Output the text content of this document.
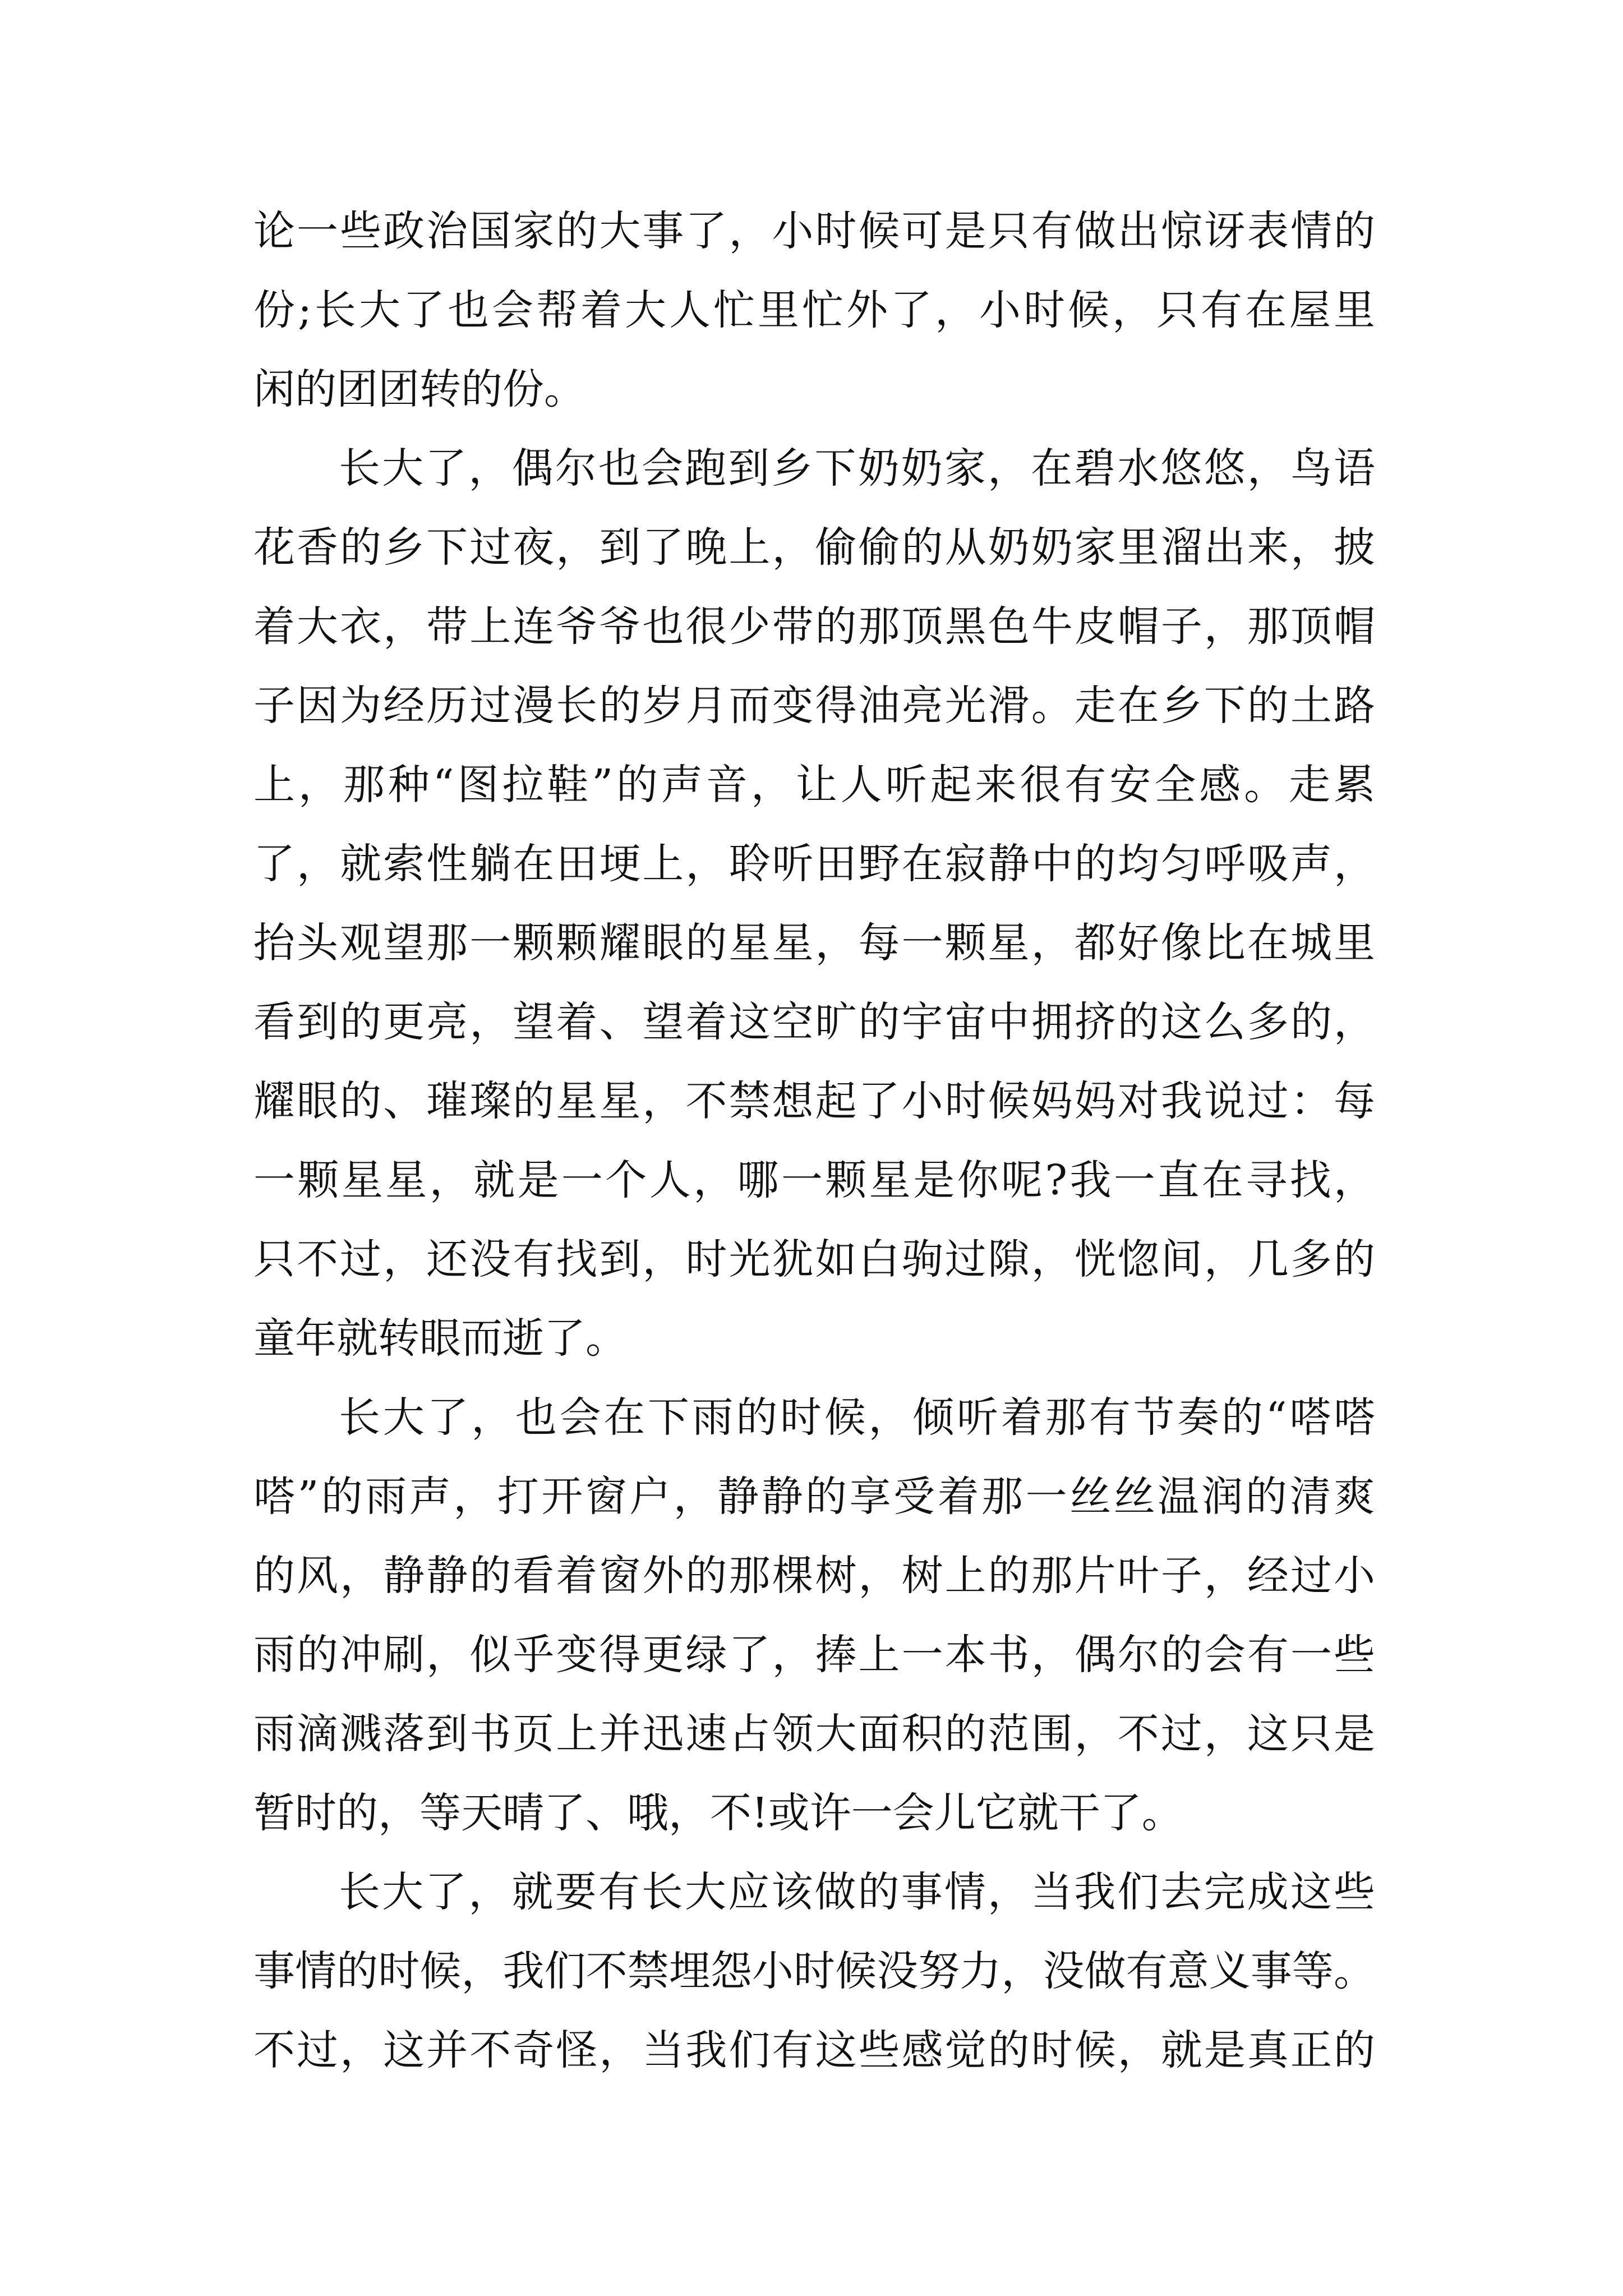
论一些政治国家的大事了，小时候可是只有做出惊讶表情的
份;长大了也会帮着大人忙里忙外了，小时候，只有在屋里
闲的团团转的份。
长大了，偶尔也会跑到乡下奶奶家，在碧水悠悠，鸟语
花香的乡下过夜，到了晚上，偷偷的从奶奶家里溜出来，披
着大衣，带上连爷爷也很少带的那顶黑色牛皮帽子，那顶帽
子因为经历过漫长的岁月而变得油亮光滑。走在乡下的土路
上，那种“图拉鞋”的声音，让人听起来很有安全感。走累
了，就索性躺在田埂上，聆听田野在寂静中的均匀呼吸声，
抬头观望那一颗颗耀眼的星星，每一颗星，都好像比在城里
看到的更亮，望着、望着这空旷的宇宙中拥挤的这么多的，
耀眼的、璀璨的星星，不禁想起了小时候妈妈对我说过：每
一颗星星，就是一个人，哪一颗星是你呢?我一直在寻找，
只不过，还没有找到，时光犹如白驹过隙，恍惚间，几多的
童年就转眼而逝了。
长大了，也会在下雨的时候，倾听着那有节奏的“嗒嗒
嗒”的雨声，打开窗户，静静的享受着那一丝丝温润的清爽
的风，静静的看着窗外的那棵树，树上的那片叶子，经过小
雨的冲刷，似乎变得更绿了，捧上一本书，偶尔的会有一些
雨滴溅落到书页上并迅速占领大面积的范围，不过，这只是
暂时的，等天晴了、哦，不!或许一会儿它就干了。
长大了，就要有长大应该做的事情，当我们去完成这些
事情的时候，我们不禁埋怨小时候没努力，没做有意义事等。
不过，这并不奇怪，当我们有这些感觉的时候，就是真正的
